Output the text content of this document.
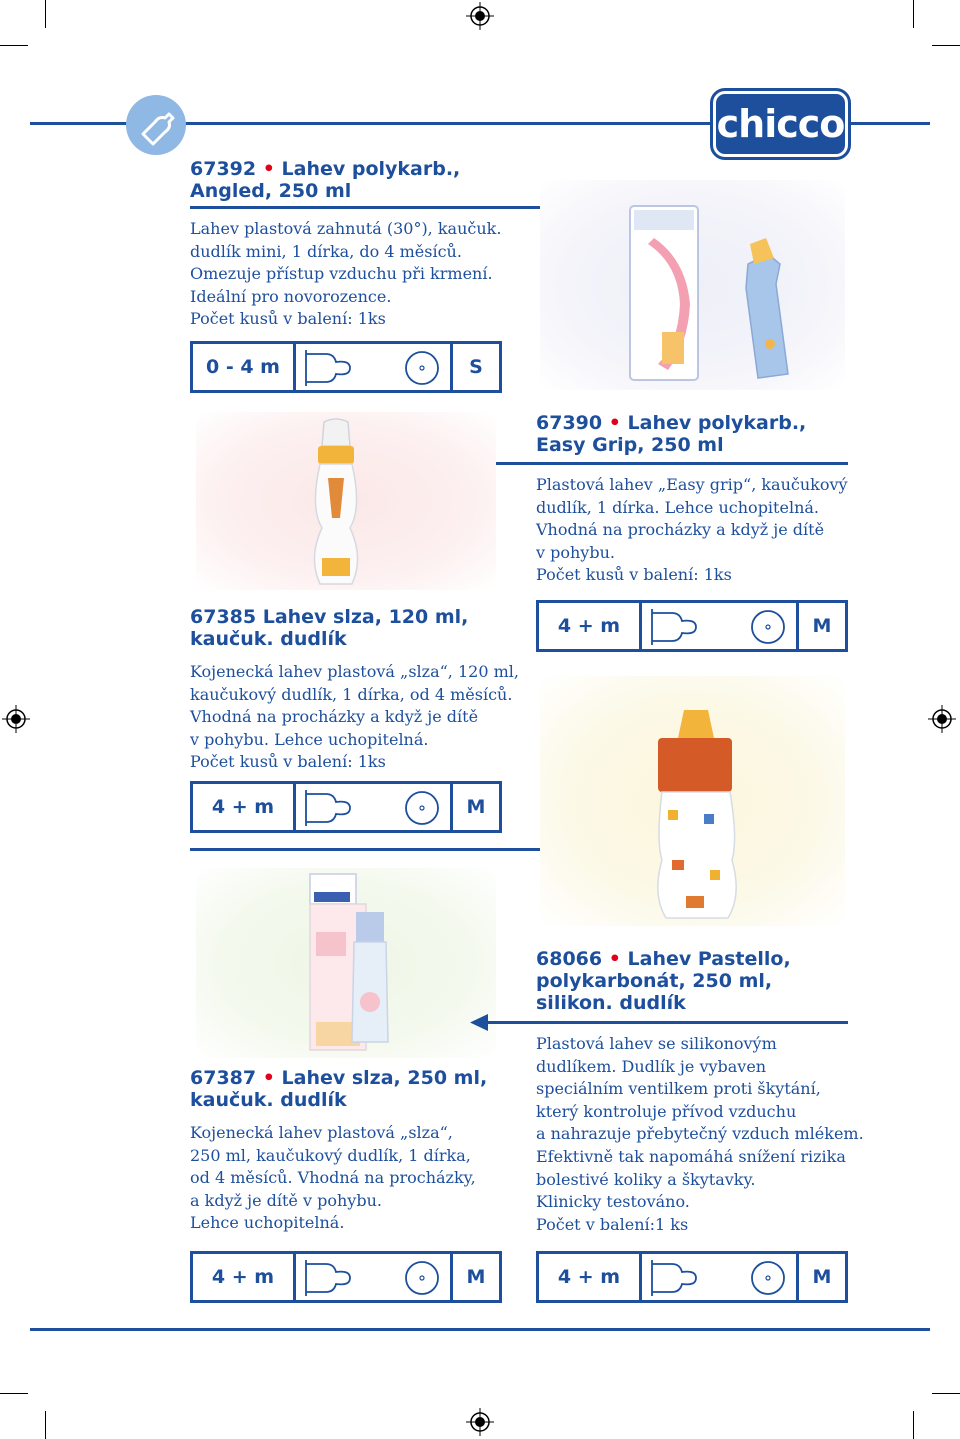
chicco
67392 • Lahev polykarb.,
Angled, 250 ml
Lahev plastová zahnutá (30°), kaučuk.
dudlík mini, 1 dírka, do 4 měsíců.
Omezuje přístup vzduchu při krmení.
Ideální pro novorozence.
Počet kusů v balení: 1ks
0 - 4 m	S
67390 • Lahev polykarb.,
Easy Grip, 250 ml
Plastová lahev „Easy grip“, kaučukový
dudlík, 1 dírka. Lehce uchopitelná.
Vhodná na procházky a když je dítě
v pohybu.
Počet kusů v balení: 1ks
4 + m	M
67385 Lahev slza, 120 ml,
kaučuk. dudlík
Kojenecká lahev plastová „slza“, 120 ml,
kaučukový dudlík, 1 dírka, od 4 měsíců.
Vhodná na procházky a když je dítě
v pohybu. Lehce uchopitelná.
Počet kusů v balení: 1ks
4 + m	M
68066 • Lahev Pastello,
polykarbonát, 250 ml,
silikon. dudlík
Plastová lahev se silikonovým
dudlíkem. Dudlík je vybaven
speciálním ventilkem proti škytání,
který kontroluje přívod vzduchu
a nahrazuje přebytečný vzduch mlékem.
Efektivně tak napomáhá snížení rizika
bolestivé koliky a škytavky.
Klinicky testováno.
Počet v balení:1 ks
67387 • Lahev slza, 250 ml,
kaučuk. dudlík
Kojenecká lahev plastová „slza“,
250 ml, kaučukový dudlík, 1 dírka,
od 4 měsíců. Vhodná na procházky,
a když je dítě v pohybu.
Lehce uchopitelná.
4 + m	M	4 + m	M
